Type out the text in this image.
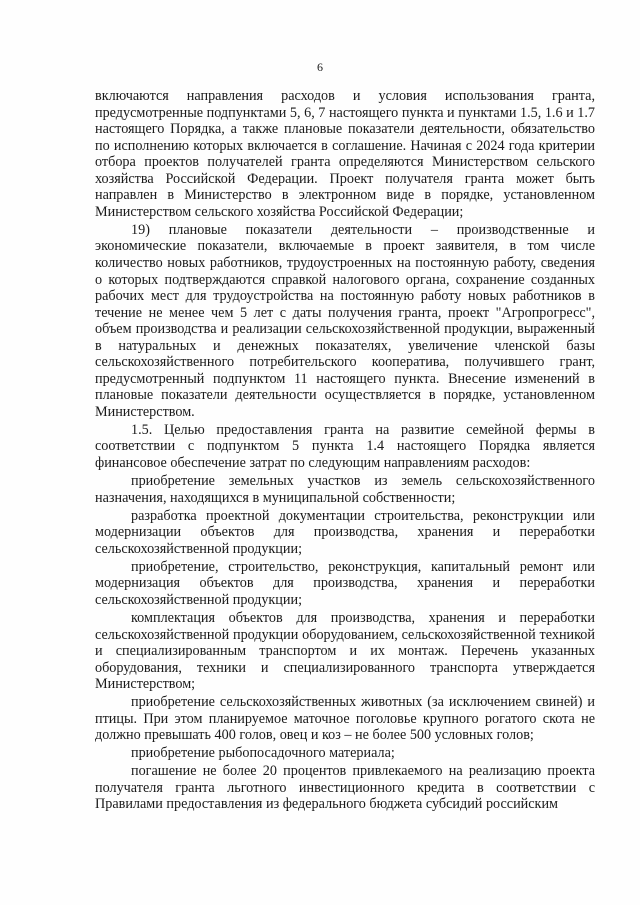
6

включаются направления расходов и условия использования гранта, предусмотренные подпунктами 5, 6, 7 настоящего пункта и пунктами 1.5, 1.6 и 1.7 настоящего Порядка, а также плановые показатели деятельности, обязательство по исполнению которых включается в соглашение. Начиная с 2024 года критерии отбора проектов получателей гранта определяются Министерством сельского хозяйства Российской Федерации. Проект получателя гранта может быть направлен в Министерство в электронном виде в порядке, установленном Министерством сельского хозяйства Российской Федерации;

19) плановые показатели деятельности – производственные и экономические показатели, включаемые в проект заявителя, в том числе количество новых работников, трудоустроенных на постоянную работу, сведения о которых подтверждаются справкой налогового органа, сохранение созданных рабочих мест для трудоустройства на постоянную работу новых работников в течение не менее чем 5 лет с даты получения гранта, проект "Агропрогресс", объем производства и реализации сельскохозяйственной продукции, выраженный в натуральных и денежных показателях, увеличение членской базы сельскохозяйственного потребительского кооператива, получившего грант, предусмотренный подпунктом 11 настоящего пункта. Внесение изменений в плановые показатели деятельности осуществляется в порядке, установленном Министерством.

1.5. Целью предоставления гранта на развитие семейной фермы в соответствии с подпунктом 5 пункта 1.4 настоящего Порядка является финансовое обеспечение затрат по следующим направлениям расходов:

приобретение земельных участков из земель сельскохозяйственного назначения, находящихся в муниципальной собственности;

разработка проектной документации строительства, реконструкции или модернизации объектов для производства, хранения и переработки сельскохозяйственной продукции;

приобретение, строительство, реконструкция, капитальный ремонт или модернизация объектов для производства, хранения и переработки сельскохозяйственной продукции;

комплектация объектов для производства, хранения и переработки сельскохозяйственной продукции оборудованием, сельскохозяйственной техникой и специализированным транспортом и их монтаж. Перечень указанных оборудования, техники и специализированного транспорта утверждается Министерством;

приобретение сельскохозяйственных животных (за исключением свиней) и птицы. При этом планируемое маточное поголовье крупного рогатого скота не должно превышать 400 голов, овец и коз – не более 500 условных голов;

приобретение рыбопосадочного материала;

погашение не более 20 процентов привлекаемого на реализацию проекта получателя гранта льготного инвестиционного кредита в соответствии с Правилами предоставления из федерального бюджета субсидий российским
